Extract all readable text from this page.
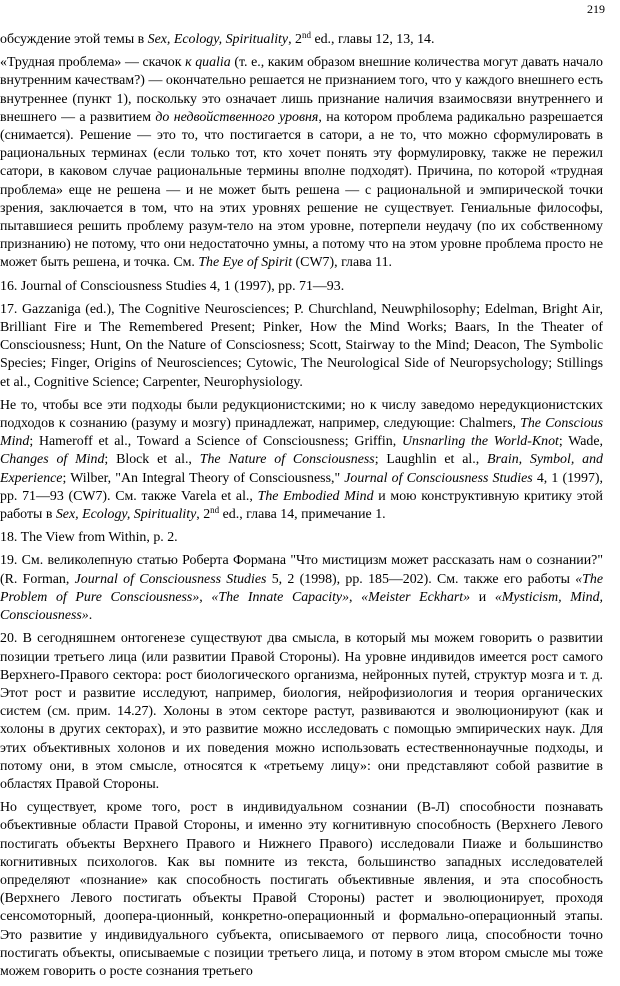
219

обсуждение этой темы в Sex, Ecology, Spirituality, 2nd ed., главы 12, 13, 14.

«Трудная проблема» — скачок к qualia (т. е., каким образом внешние количества могут давать начало внутренним качествам?) — окончательно решается не признанием того, что у каждого внешнего есть внутреннее (пункт 1), поскольку это означает лишь признание наличия взаимосвязи внутреннего и внешнего — а развитием до недвойственного уровня, на котором проблема радикально разрешается (снимается). Решение — это то, что постигается в сатори, а не то, что можно сформулировать в рациональных терминах (если только тот, кто хочет понять эту формулировку, также не пережил сатори, в каковом случае рациональные термины вполне подходят). Причина, по которой «трудная проблема» еще не решена — и не может быть решена — с рациональной и эмпирической точки зрения, заключается в том, что на этих уровнях решение не существует. Гениальные философы, пытавшиеся решить проблему разум-тело на этом уровне, потерпели неудачу (по их собственному признанию) не потому, что они недостаточно умны, а потому что на этом уровне проблема просто не может быть решена, и точка. См. The Eye of Spirit (CW7), глава 11.

16. Journal of Consciousness Studies 4, 1 (1997), pp. 71—93.

17. Gazzaniga (ed.), The Cognitive Neurosciences; P. Churchland, Neuwphilosophy; Edelman, Bright Air, Brilliant Fire и The Remembered Present; Pinker, How the Mind Works; Baars, In the Theater of Consciousness; Hunt, On the Nature of Consciosness; Scott, Stairway to the Mind; Deacon, The Symbolic Species; Finger, Origins of Neurosciences; Cytowic, The Neurological Side of Neuropsychology; Stillings et al., Cognitive Science; Carpenter, Neurophysiology.

Не то, чтобы все эти подходы были редукционистскими; но к числу заведомо нередукционистских подходов к сознанию (разуму и мозгу) принадлежат, например, следующие: Chalmers, The Conscious Mind; Hameroff et al., Toward a Science of Consciousness; Griffin, Unsnarling the World-Knot; Wade, Changes of Mind; Block et al., The Nature of Consciousness; Laughlin et al., Brain, Symbol, and Experience; Wilber, "An Integral Theory of Consciousness," Journal of Consciousness Studies 4, 1 (1997), pp. 71—93 (CW7). См. также Varela et al., The Embodied Mind и мою конструктивную критику этой работы в Sex, Ecology, Spirituality, 2nd ed., глава 14, примечание 1.

18. The View from Within, p. 2.

19. См. великолепную статью Роберта Формана "Что мистицизм может рассказать нам о сознании?" (R. Forman, Journal of Consciousness Studies 5, 2 (1998), pp. 185—202). См. также его работы «The Problem of Pure Consciousness», «The Innate Capacity», «Meister Eckhart» и «Mysticism, Mind, Consciousness».

20. В сегодняшнем онтогенезе существуют два смысла, в который мы можем говорить о развитии позиции третьего лица (или развитии Правой Стороны). На уровне индивидов имеется рост самого Верхнего-Правого сектора: рост биологического организма, нейронных путей, структур мозга и т. д. Этот рост и развитие исследуют, например, биология, нейрофизиология и теория органических систем (см. прим. 14.27). Холоны в этом секторе растут, развиваются и эволюционируют (как и холоны в других секторах), и это развитие можно исследовать с помощью эмпирических наук. Для этих объективных холонов и их поведения можно использовать естественнонаучные подходы, и потому они, в этом смысле, относятся к «третьему лицу»: они представляют собой развитие в областях Правой Стороны.

Но существует, кроме того, рост в индивидуальном сознании (В-Л) способности познавать объективные области Правой Стороны, и именно эту когнитивную способность (Верхнего Левого постигать объекты Верхнего Правого и Нижнего Правого) исследовали Пиаже и большинство когнитивных психологов. Как вы помните из текста, большинство западных исследователей определяют «познание» как способность постигать объективные явления, и эта способность (Верхнего Левого постигать объекты Правой Стороны) растет и эволюционирует, проходя сенсомоторный, доопера-ционный, конкретно-операционный и формально-операционный этапы. Это развитие у индивидуального субъекта, описываемого от первого лица, способности точно постигать объекты, описываемые с позиции третьего лица, и потому в этом втором смысле мы тоже можем говорить о росте сознания третьего
